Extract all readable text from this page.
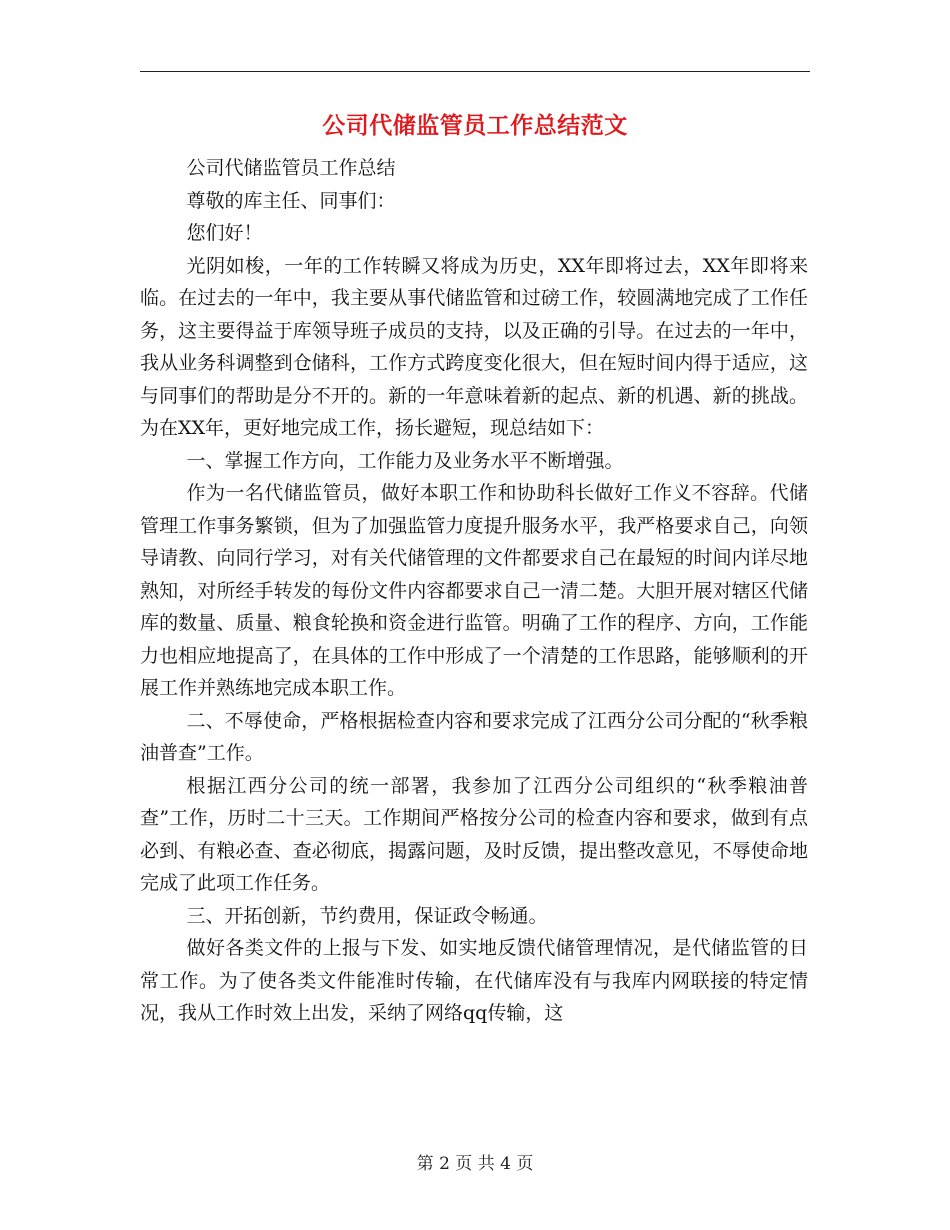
公司代储监管员工作总结范文

公司代储监管员工作总结

尊敬的库主任、同事们：

您们好！

光阴如梭，一年的工作转瞬又将成为历史，XX年即将过去，XX年即将来临。在过去的一年中，我主要从事代储监管和过磅工作，较圆满地完成了工作任务，这主要得益于库领导班子成员的支持，以及正确的引导。在过去的一年中，我从业务科调整到仓储科，工作方式跨度变化很大，但在短时间内得于适应，这与同事们的帮助是分不开的。新的一年意味着新的起点、新的机遇、新的挑战。为在XX年，更好地完成工作，扬长避短，现总结如下：

一、掌握工作方向，工作能力及业务水平不断增强。

作为一名代储监管员，做好本职工作和协助科长做好工作义不容辞。代储管理工作事务繁锁，但为了加强监管力度提升服务水平，我严格要求自己，向领导请教、向同行学习，对有关代储管理的文件都要求自己在最短的时间内详尽地熟知，对所经手转发的每份文件内容都要求自己一清二楚。大胆开展对辖区代储库的数量、质量、粮食轮换和资金进行监管。明确了工作的程序、方向，工作能力也相应地提高了，在具体的工作中形成了一个清楚的工作思路，能够顺利的开展工作并熟练地完成本职工作。

二、不辱使命，严格根据检查内容和要求完成了江西分公司分配的“秋季粮油普查”工作。

根据江西分公司的统一部署，我参加了江西分公司组织的“秋季粮油普查”工作，历时二十三天。工作期间严格按分公司的检查内容和要求，做到有点必到、有粮必查、查必彻底，揭露问题，及时反馈，提出整改意见，不辱使命地完成了此项工作任务。

三、开拓创新，节约费用，保证政令畅通。

做好各类文件的上报与下发、如实地反馈代储管理情况，是代储监管的日常工作。为了使各类文件能准时传输，在代储库没有与我库内网联接的特定情况，我从工作时效上出发，采纳了网络qq传输，这

第 2 页 共 4 页
